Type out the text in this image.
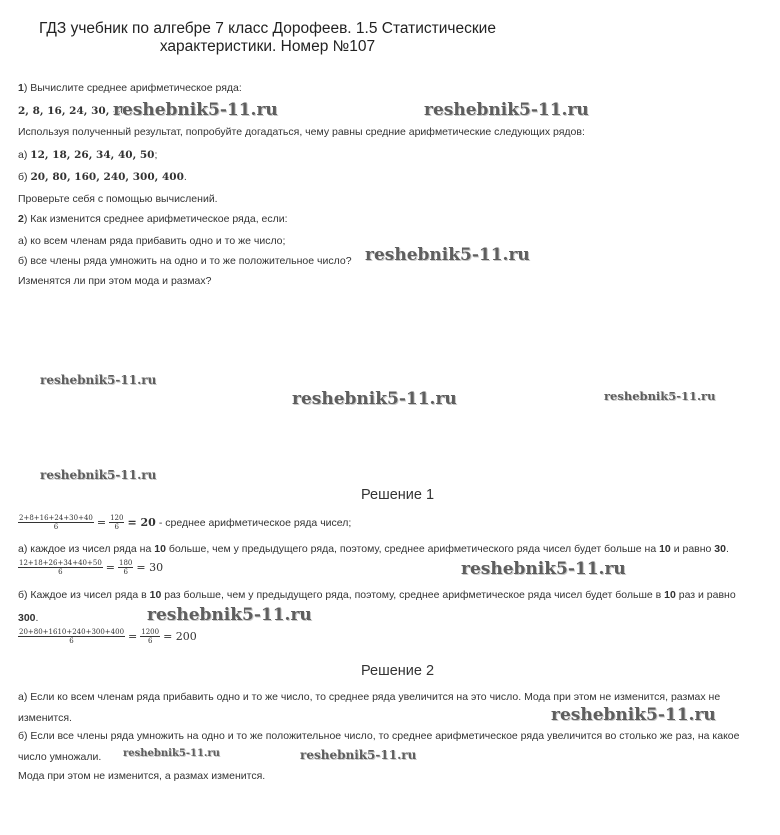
ГДЗ учебник по алгебре 7 класс Дорофеев. 1.5 Статистические характеристики. Номер №107
1) Вычислите среднее арифметическое ряда:
2, 8, 16, 24, 30, 40
Используя полученный результат, попробуйте догадаться, чему равны средние арифметические следующих рядов:
а) 12, 18, 26, 34, 40, 50;
б) 20, 80, 160, 240, 300, 400.
Проверьте себя с помощью вычислений.
2) Как изменится среднее арифметическое ряда, если:
а) ко всем членам ряда прибавить одно и то же число;
б) все члены ряда умножить на одно и то же положительное число?
Изменятся ли при этом мода и размах?
Решение 1
$\frac{2+8+16+24+30+40}{6} = \frac{120}{6} = 20$ - среднее арифметическое ряда чисел;
а) каждое из чисел ряда на 10 больше, чем у предыдущего ряда, поэтому, среднее арифметического ряда чисел будет больше на 10 и равно 30.
$\frac{12+18+26+34+40+50}{6} = \frac{180}{6} = 30$
б) Каждое из чисел ряда в 10 раз больше, чем у предыдущего ряда, поэтому, среднее арифметическое ряда чисел будет больше в 10 раз и равно
300.
$\frac{20+80+1610+240+300+400}{6} = \frac{1200}{6} = 200$
Решение 2
а) Если ко всем членам ряда прибавить одно и то же число, то среднее ряда увеличится на это число. Мода при этом не изменится, размах не
изменится.
б) Если все члены ряда умножить на одно и то же положительное число, то среднее арифметическое ряда увеличится во столько же раз, на какое
число умножали.
Мода при этом не изменится, а размах изменится.
reshebnik5-11.ru	reshebnik5-11.ru
reshebnik5-11.ru
reshebnik5-11.ru
reshebnik5-11.ru	reshebnik5-11.ru
reshebnik5-11.ru
reshebnik5-11.ru
reshebnik5-11.ru
reshebnik5-11.ru
reshebnik5-11.ru	reshebnik5-11.ru
